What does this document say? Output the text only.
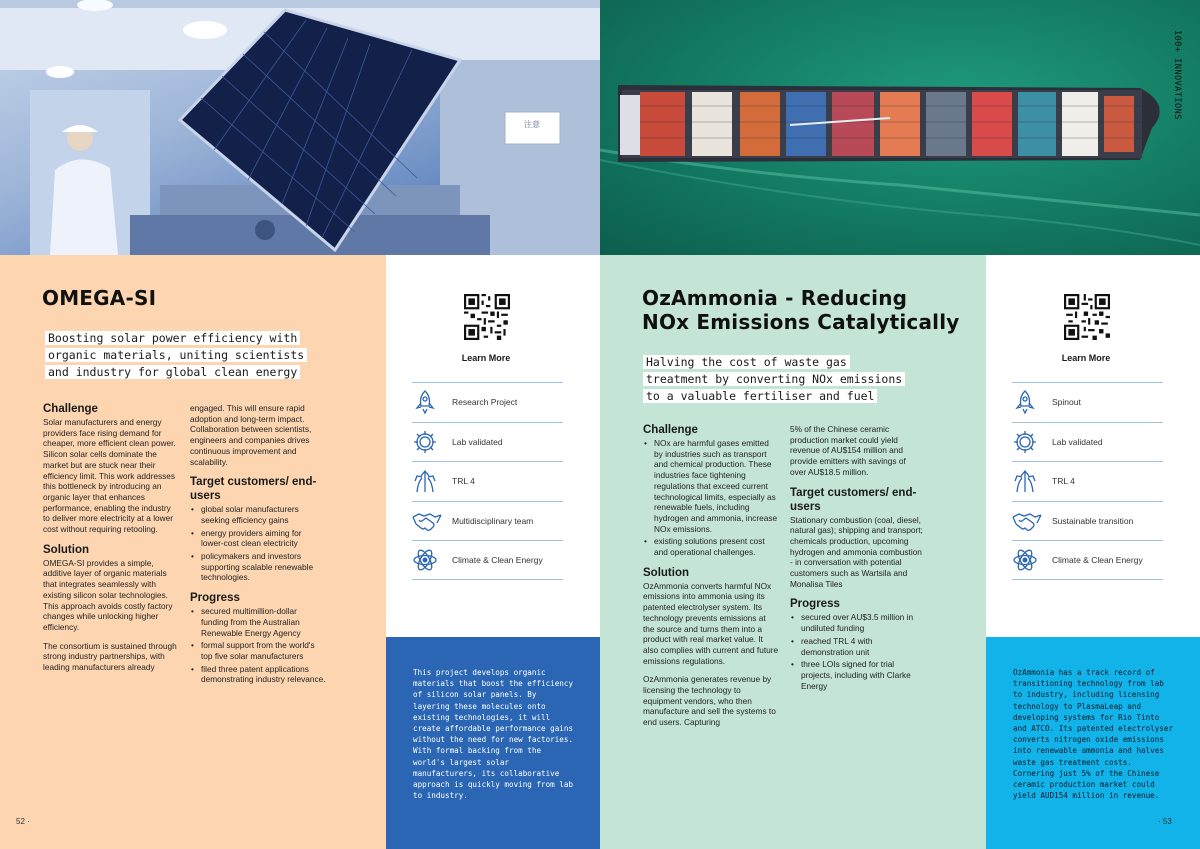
注意
100+ INNOVATIONS
OMEGA-SI
Boosting solar power efficiency with
organic materials, uniting scientists
and industry for global clean energy
Challenge

Solar manufacturers and energy providers face rising demand for cheaper, more efficient clean power. Silicon solar cells dominate the market but are stuck near their efficiency limit. This work addresses this bottleneck by introducing an organic layer that enhances performance, enabling the industry to deliver more electricity at a lower cost without requiring retooling.

Solution

OMEGA-SI provides a simple, additive layer of organic materials that integrates seamlessly with existing silicon solar technologies. This approach avoids costly factory changes while unlocking higher efficiency.

The consortium is sustained through strong industry partnerships, with leading manufacturers already

engaged. This will ensure rapid adoption and long-term impact. Collaboration between scientists, engineers and companies drives continuous improvement and scalability.

Target customers/ end-users
• global solar manufacturers seeking efficiency gains
• energy providers aiming for lower-cost clean electricity
• policymakers and investors supporting scalable renewable technologies.
Progress
• secured multimillion-dollar funding from the Australian Renewable Energy Agency
• formal support from the world's top five solar manufacturers
• filed three patent applications demonstrating industry relevance.
Learn More
Research Project
Lab validated
TRL 4
Multidisciplinary team
Climate & Clean Energy
This project develops organic materials that boost the efficiency of silicon solar panels. By layering these molecules onto existing technologies, it will create affordable performance gains without the need for new factories. With formal backing from the world's largest solar manufacturers, its collaborative approach is quickly moving from lab to industry.
52 ·
OzAmmonia - Reducing
NOx Emissions Catalytically
Halving the cost of waste gas
treatment by converting NOx emissions
to a valuable fertiliser and fuel
Challenge
• NOx are harmful gases emitted by industries such as transport and chemical production. These industries face tightening regulations that exceed current technological limits, especially as renewable fuels, including hydrogen and ammonia, increase NOx emissions.
• existing solutions present cost and operational challenges.
Solution

OzAmmonia converts harmful NOx emissions into ammonia using its patented electrolyser system. Its technology prevents emissions at the source and turns them into a product with real market value. It also complies with current and future emissions regulations.

OzAmmonia generates revenue by licensing the technology to equipment vendors, who then manufacture and sell the systems to end users. Capturing

5% of the Chinese ceramic production market could yield revenue of AU$154 million and provide emitters with savings of over AU$18.5 million.

Target customers/ end-users

Stationary combustion (coal, diesel, natural gas); shipping and transport; chemicals production, upcoming hydrogen and ammonia combustion - in conversation with potential customers such as Wartsila and Monalisa Tiles

Progress
• secured over AU$3.5 million in undiluted funding
• reached TRL 4 with demonstration unit
• three LOIs signed for trial projects, including with Clarke Energy
Learn More
Spinout
Lab validated
TRL 4
Sustainable transition
Climate & Clean Energy
OzAmmonia has a track record of transitioning technology from lab to industry, including licensing technology to PlasmaLeap and developing systems for Rio Tinto and ATCO. Its patented electrolyser converts nitrogen oxide emissions into renewable ammonia and halves waste gas treatment costs. Cornering just 5% of the Chinese ceramic production market could yield AUD154 million in revenue.
· 53
